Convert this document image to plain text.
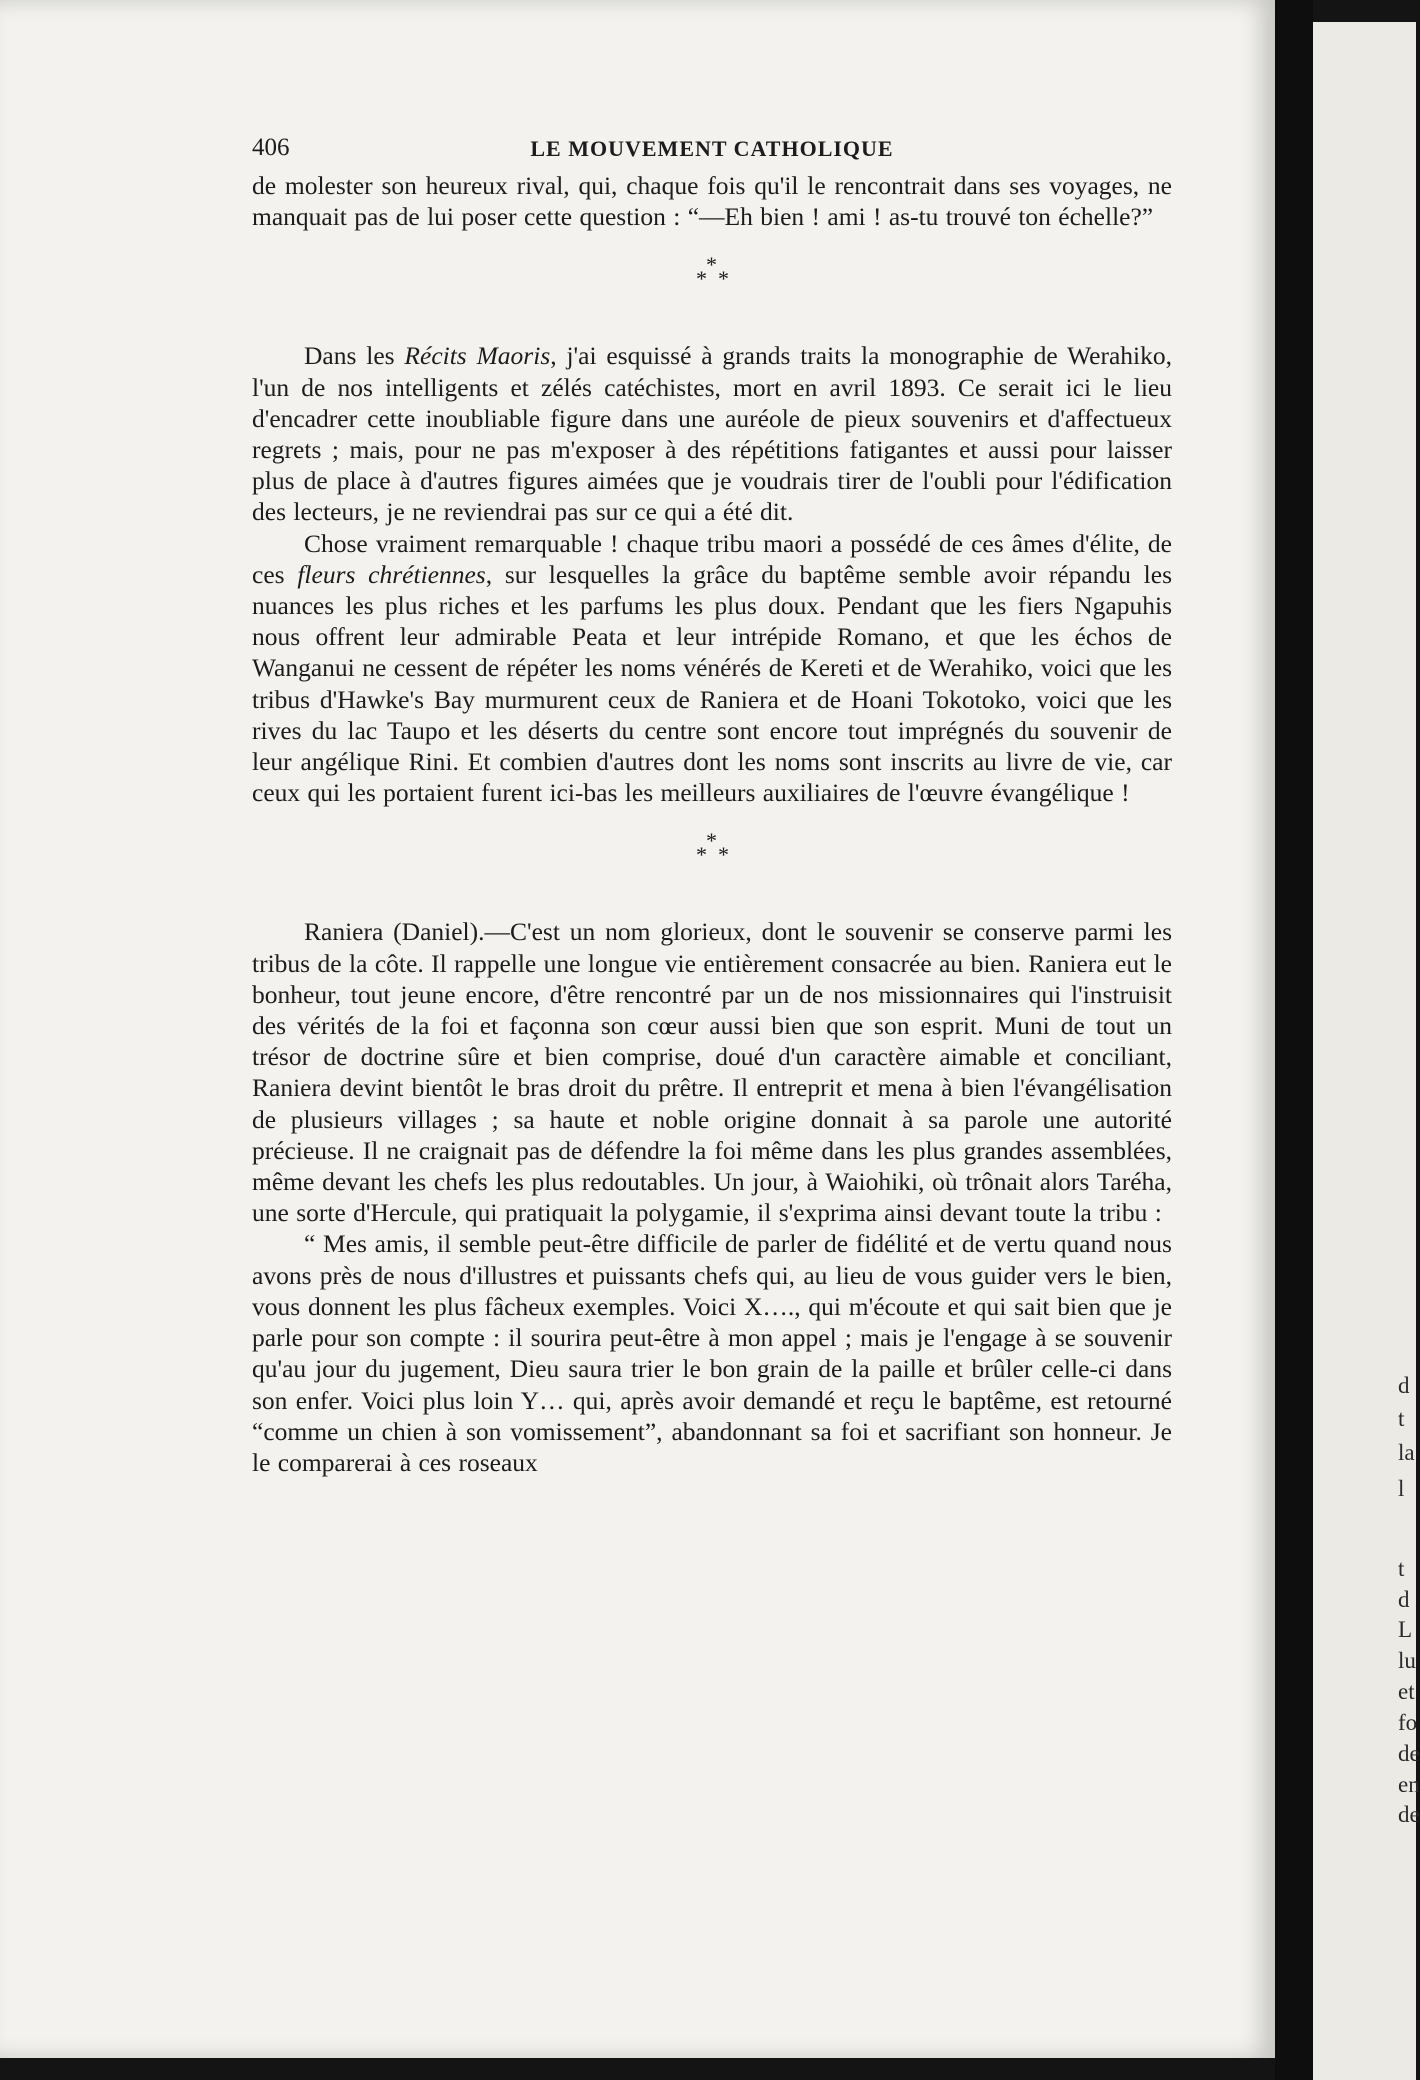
406	LE MOUVEMENT CATHOLIQUE

de molester son heureux rival, qui, chaque fois qu'il le rencontrait dans ses voyages, ne manquait pas de lui poser cette question : “—Eh bien ! ami ! as-tu trouvé ton échelle?”

*
* *

Dans les Récits Maoris, j'ai esquissé à grands traits la monographie de Werahiko, l'un de nos intelligents et zélés catéchistes, mort en avril 1893. Ce serait ici le lieu d'encadrer cette inoubliable figure dans une auréole de pieux souvenirs et d'affectueux regrets ; mais, pour ne pas m'exposer à des répétitions fatigantes et aussi pour laisser plus de place à d'autres figures aimées que je voudrais tirer de l'oubli pour l'édification des lecteurs, je ne reviendrai pas sur ce qui a été dit.

Chose vraiment remarquable ! chaque tribu maori a possédé de ces âmes d'élite, de ces fleurs chrétiennes, sur lesquelles la grâce du baptême semble avoir répandu les nuances les plus riches et les parfums les plus doux. Pendant que les fiers Ngapuhis nous offrent leur admirable Peata et leur intrépide Romano, et que les échos de Wanganui ne cessent de répéter les noms vénérés de Kereti et de Werahiko, voici que les tribus d'Hawke's Bay murmurent ceux de Raniera et de Hoani Tokotoko, voici que les rives du lac Taupo et les déserts du centre sont encore tout imprégnés du souvenir de leur angélique Rini. Et combien d'autres dont les noms sont inscrits au livre de vie, car ceux qui les portaient furent ici-bas les meilleurs auxiliaires de l'œuvre évangélique !

*
* *

Raniera (Daniel).—C'est un nom glorieux, dont le souvenir se conserve parmi les tribus de la côte. Il rappelle une longue vie entièrement consacrée au bien. Raniera eut le bonheur, tout jeune encore, d'être rencontré par un de nos missionnaires qui l'instruisit des vérités de la foi et façonna son cœur aussi bien que son esprit. Muni de tout un trésor de doctrine sûre et bien comprise, doué d'un caractère aimable et conciliant, Raniera devint bientôt le bras droit du prêtre. Il entreprit et mena à bien l'évangélisation de plusieurs villages ; sa haute et noble origine donnait à sa parole une autorité précieuse. Il ne craignait pas de défendre la foi même dans les plus grandes assemblées, même devant les chefs les plus redoutables. Un jour, à Waiohiki, où trônait alors Taréha, une sorte d'Hercule, qui pratiquait la polygamie, il s'exprima ainsi devant toute la tribu :

“ Mes amis, il semble peut-être difficile de parler de fidélité et de vertu quand nous avons près de nous d'illustres et puissants chefs qui, au lieu de vous guider vers le bien, vous donnent les plus fâcheux exemples. Voici X…., qui m'écoute et qui sait bien que je parle pour son compte : il sourira peut-être à mon appel ; mais je l'engage à se souvenir qu'au jour du jugement, Dieu saura trier le bon grain de la paille et brûler celle-ci dans son enfer. Voici plus loin Y… qui, après avoir demandé et reçu le baptême, est retourné “comme un chien à son vomissement”, abandonnant sa foi et sacrifiant son honneur. Je le comparerai à ces roseaux

d
t
la
l
t
d
L
lu
et
fo
de
en
de
